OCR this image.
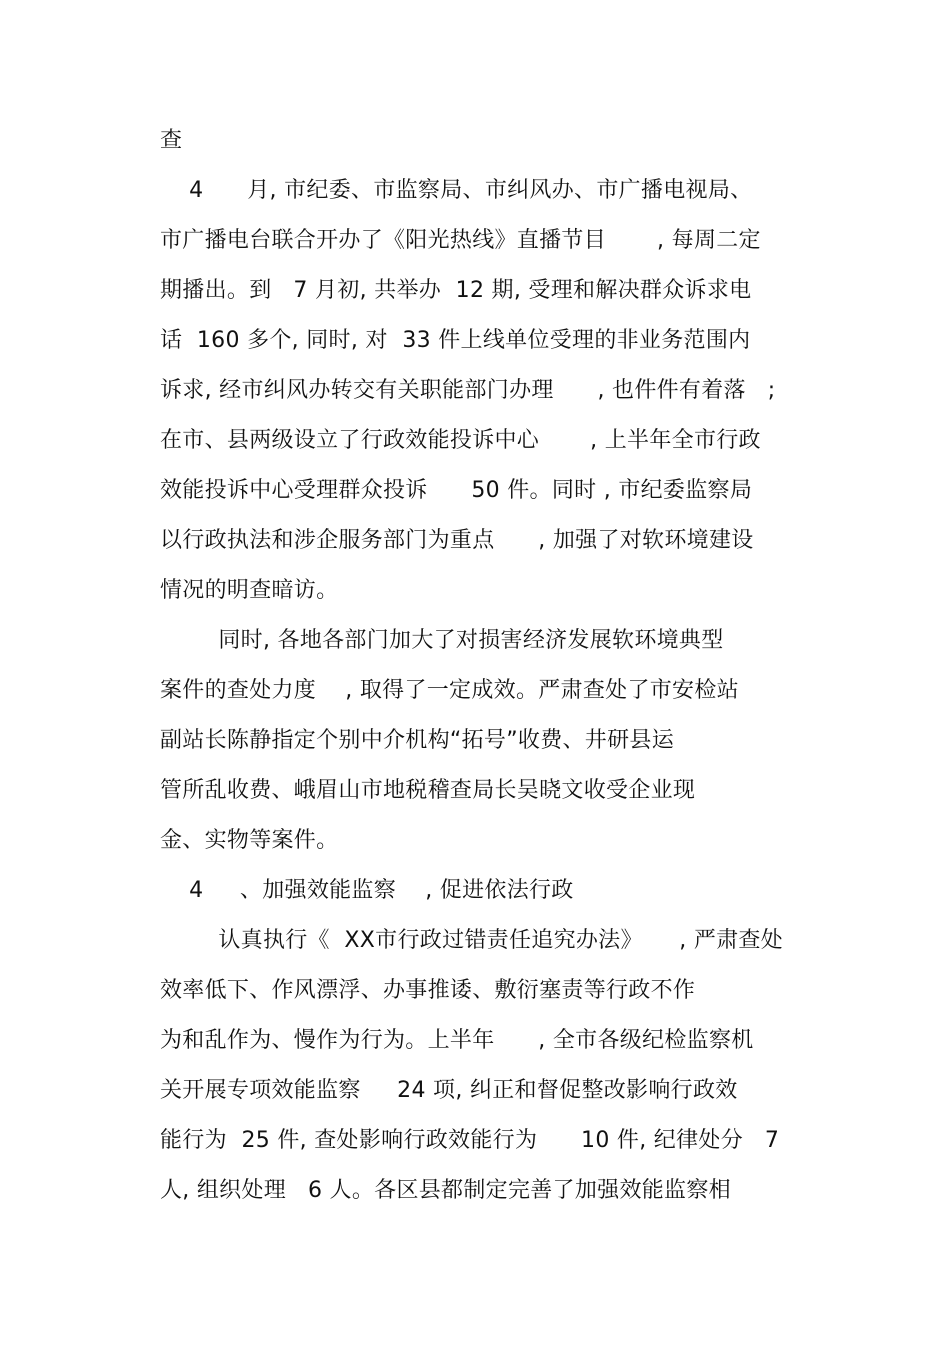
查
4      月, 市纪委、市监察局、市纠风办、市广播电视局、
市广播电台联合开办了《阳光热线》直播节目       , 每周二定
期播出。到   7 月初, 共举办  12 期, 受理和解决群众诉求电
话  160 多个, 同时, 对  33 件上线单位受理的非业务范围内
诉求, 经市纠风办转交有关职能部门办理      , 也件件有着落   ;
在市、县两级设立了行政效能投诉中心       , 上半年全市行政
效能投诉中心受理群众投诉      50 件。同时 , 市纪委监察局
以行政执法和涉企服务部门为重点      , 加强了对软环境建设
情况的明查暗访。
同时, 各地各部门加大了对损害经济发展软环境典型
案件的查处力度    , 取得了一定成效。严肃查处了市安检站
副站长陈静指定个别中介机构“拓号”收费、井研县运
管所乱收费、峨眉山市地税稽查局长吴晓文收受企业现
金、实物等案件。
4     、加强效能监察    , 促进依法行政
认真执行《  XX市行政过错责任追究办法》     , 严肃查处
效率低下、作风漂浮、办事推诿、敷衍塞责等行政不作
为和乱作为、慢作为行为。上半年      , 全市各级纪检监察机
关开展专项效能监察     24 项, 纠正和督促整改影响行政效
能行为  25 件, 查处影响行政效能行为      10 件, 纪律处分   7
人, 组织处理   6 人。各区县都制定完善了加强效能监察相
